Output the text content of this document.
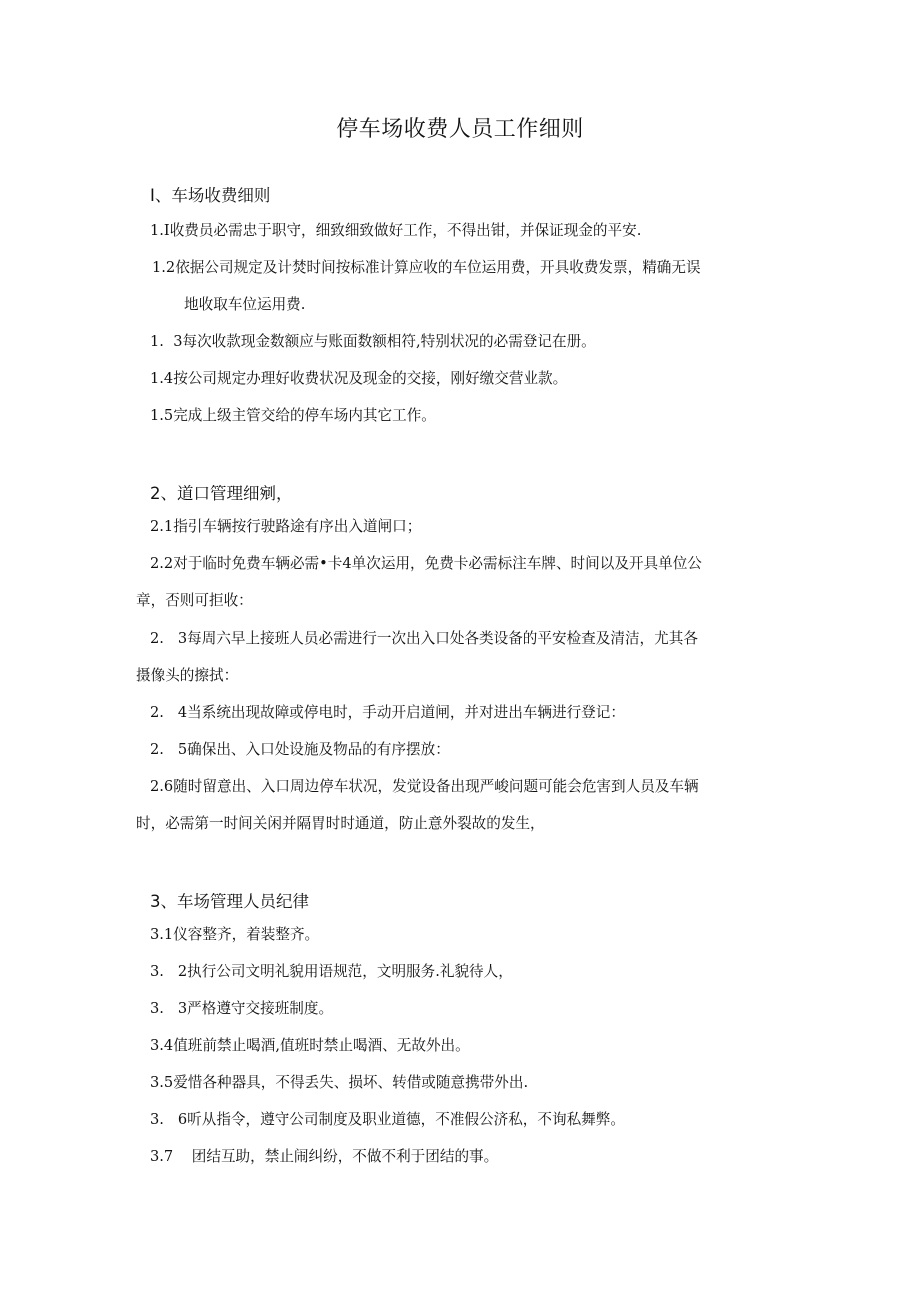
停车场收费人员工作细则
I、车场收费细则

1.I收费员必需忠于职守，细致细致做好工作，不得出钳，并保证现金的平安.

1.2依据公司规定及计焚时间按标准计算应收的车位运用费，开具收费发票，精确无误

地收取车位运用费.

1.  3每次收款现金数额应与账面数额相符,特别状况的必需登记在册。

1.4按公司规定办理好收费状况及现金的交接，刚好缴交营业款。

1.5完成上级主管交给的停车场内其它工作。

2、道口管理细剜，

2.1指引车辆按行驶路途有序出入道闸口；

2.2对于临时免费车辆必需•卡4单次运用，免费卡必需标注车牌、时间以及开具单位公

章，否则可拒收：

2.   3每周六早上接班人员必需进行一次出入口处各类设备的平安检查及清洁，尤其各

摄像头的擦拭：

2.   4当系统出现故障或停电时，手动开启道闸，并对进出车辆进行登记：

2.   5确保出、入口处设施及物品的有序摆放：

2.6随时留意出、入口周边停车状况，发觉设备出现严峻问题可能会危害到人员及车辆

时，必需第一时间关闲并隔胃时时通道，防止意外裂故的发生，

3、车场管理人员纪律

3.1仪容整齐，着装整齐。

3.   2执行公司文明礼貌用语规范，文明服务.礼貌待人，

3.   3严格遵守交接班制度。

3.4值班前禁止喝酒,值班时禁止喝酒、无故外出。

3.5爱惜各种器具，不得丢失、损坏、转借或随意携带外出.

3.   6听从指令，遵守公司制度及职业道德，不准假公济私，不询私舞弊。

3.7    团结互助，禁止闹纠纷，不做不利于团结的事。
